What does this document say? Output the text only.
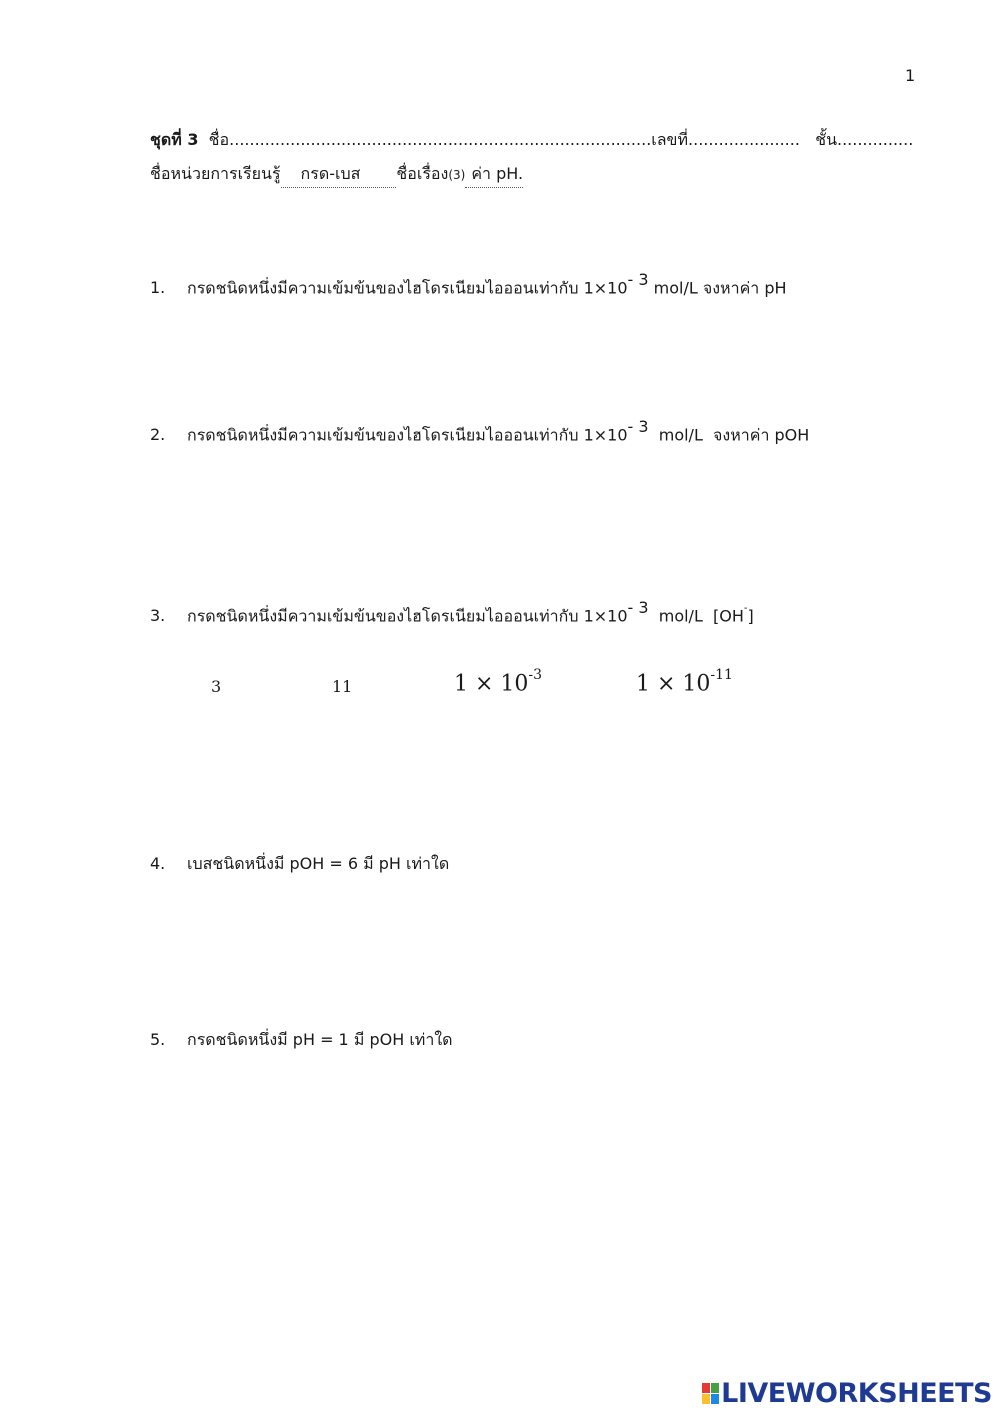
1
ชุดที่ 3 ชื่อ...................................................................................เลขที่...................... ชั้น...............
ชื่อหน่วยการเรียนรู้ กรด-เบส ชื่อเรื่อง(3) ค่า pH.
1. กรดชนิดหนึ่งมีความเข้มข้นของไฮโดรเนียมไอออนเท่ากับ $1\times 10^{- 3}$ mol/L จงหาค่า pH
2. กรดชนิดหนึ่งมีความเข้มข้นของไฮโดรเนียมไอออนเท่ากับ $1\times 10^{- 3}$  mol/L  จงหาค่า pOH
3. กรดชนิดหนึ่งมีความเข้มข้นของไฮโดรเนียมไอออนเท่ากับ $1\times 10^{- 3}$  mol/L  [OH-]
3	11	$1 \times 10^{-3}$	$1 \times 10^{-11}$
4. เบสชนิดหนึ่งมี pOH = 6 มี pH เท่าใด
5. กรดชนิดหนึ่งมี pH = 1 มี pOH เท่าใด
LIVEWORKSHEETS
